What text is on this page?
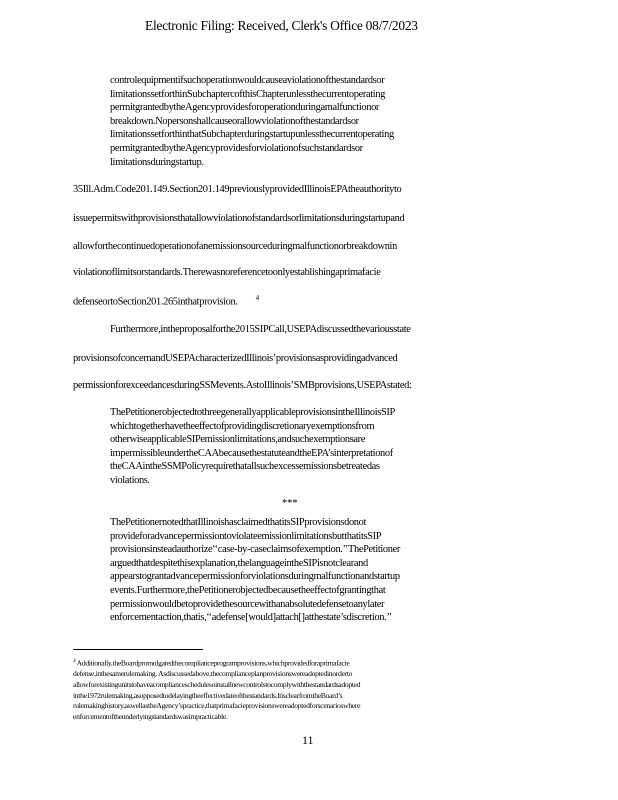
Electronic Filing: Received, Clerk's Office 08/7/2023
controlequipmentifsuchoperationwouldcauseaviolationofthestandardsor
limitationssetforthinSubchaptercofthisChapterunlessthecurrentoperating
permitgrantedbytheAgencyprovidesforoperationduringamalfunctionor
breakdown.Nopersonshallcauseorallowviolationofthestandardsor
limitationssetforthinthatSubchapterduringstartupunlessthecurrentoperating
permitgrantedbytheAgencyprovidesforviolationofsuchstandardsor
limitationsduringstartup.
35Ill.Adm.Code201.149.Section201.149previouslyprovidedIllinoisEPAtheauthorityto
issuepermitswithprovisionsthatallowviolationofstandardsorlimitationsduringstartupand
allowforthecontinuedoperationofanemissionsourceduringmalfunctionorbreakdownin
violationoflimitsorstandards.Therewasnoreferencetoonlyestablishingaprimafacie
defenseortoSection201.265inthatprovision.	$^4$
Furthermore,intheproposalforthe2015SIPCall,USEPAdiscussedthevariousstate
provisionsofconcernandUSEPAcharacterizedIllinois’provisionsasprovidingadvanced
permissionforexceedancesduringSSMevents.AstoIllinois’SMBprovisions,USEPAstated:
ThePetitionerobjectedtothreegenerallyapplicableprovisionsintheIllinoisSIP
whichtogetherhavetheeffectofprovidingdiscretionaryexemptionsfrom
otherwiseapplicableSIPemissionlimitations,andsuchexemptionsare
impermissibleundertheCAAbecausethestatuteandtheEPA’sinterpretationof
theCAAintheSSMPolicyrequirethatallsuchexcessemissionsbetreatedas
violations.
***
ThePetitionernotedthatIllinoishasclaimedthatitsSIPprovisionsdonot
provideforadvancepermissiontoviolateemissionlimitationsbutthatitsSIP
provisionsinsteadauthorize‘‘case-by-caseclaimsofexemption.’’ThePetitioner
arguedthatdespitethisexplanation,thelanguageintheSIPisnotclearand
appearstograntadvancepermissionforviolationsduringmalfunctionandstartup
events.Furthermore,thePetitionerobjectedbecausetheeffectofgrantingthat
permissionwouldbetoprovidethesourcewithanabsolutedefensetoanylater
enforcementaction,thatis,‘‘adefense[would]attach[]atthestate’sdiscretion.’’
$^4$ Additionally,theBoardpromulgatedthecomplianceprogramprovisions,whichprovidedforaprimafacie
defense,inthesamerulemaking. Asdiscussedabove,thecomplianceplanprovisionswereadoptedinorderto
allowforexistingunitstohaveacomplianceschedulesoinstallnewcontrolstocomplywiththestandardsadopted
inthe1972rulemaking,asopposedtodelayingtheeffectivedateofthestandards.ItisclearfromtheBoard’s
rulemakinghistory,aswellastheAgency’spractice,thatprimafacieprovisionswereadoptedforscenarioswhere
enforcementoftheunderlyingstandardswasimpracticable.
11
